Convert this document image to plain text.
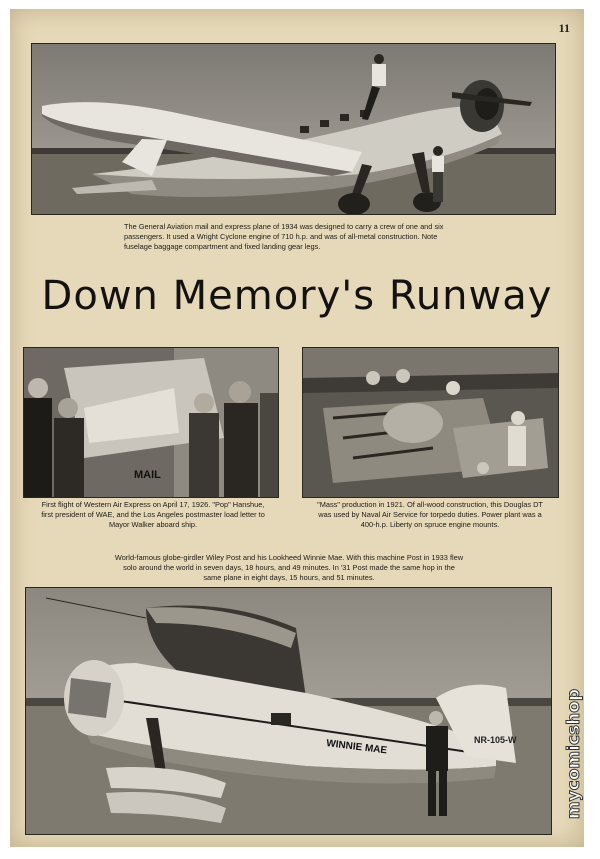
11
The General Aviation mail and express plane of 1934 was designed to carry a crew of one and six passengers. It used a Wright Cyclone engine of 710 h.p. and was of all-metal construction. Note fuselage baggage compartment and fixed landing gear legs.
Down Memory's Runway
MAIL
First flight of Western Air Express on April 17, 1926. "Pop" Hanshue, first president of WAE, and the Los Angeles postmaster load letter to Mayor Walker aboard ship.
"Mass" production in 1921. Of all-wood construction, this Douglas DT was used by Naval Air Service for torpedo duties. Power plant was a 400-h.p. Liberty on spruce engine mounts.
World-famous globe-girdler Wiley Post and his Lookheed Winnie Mae. With this machine Post in 1933 flew solo around the world in seven days, 18 hours, and 49 minutes. In '31 Post made the same hop in the same plane in eight days, 15 hours, and 51 minutes.
NR-105-W
WINNIE MAE	mycomicshop
